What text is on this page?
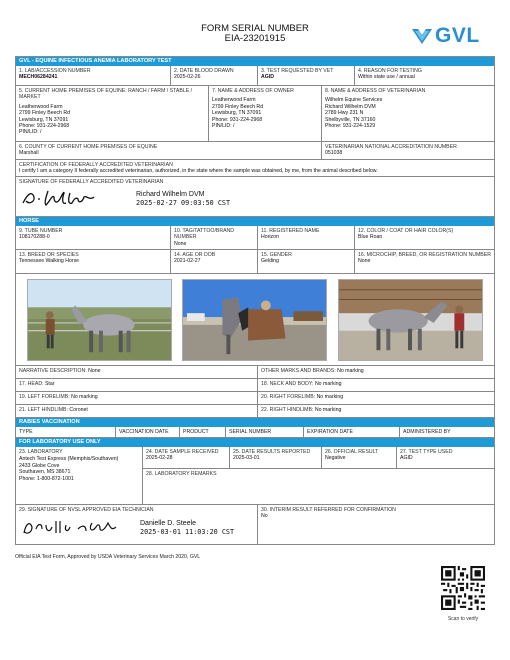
FORM SERIAL NUMBER
EIA-23201915	GVL
GVL - EQUINE INFECTIOUS ANEMIA LABORATORY TEST
1. LAB/ACCESSION NUMBER
MECH06284241
2. DATE BLOOD DRAWN
2025-02-26
3. TEST REQUESTED BY VET
AGID
4. REASON FOR TESTING
Within state use / annual
5. CURRENT HOME PREMISES OF EQUINE: RANCH / FARM / STABLE / MARKET
Leatherwood Farm
2799 Finley Beech Rd
Lewisburg, TN 37091
Phone: 931-224-2968
PIN/LID: /
7. NAME & ADDRESS OF OWNER
Leatherwood Farm
2799 Finley Beech Rd
Lewisburg, TN 37091
Phone: 931-224-2968
PIN/LID: /
8. NAME & ADDRESS OF VETERINARIAN
Wilhelm Equine Services
Richard Wilhelm DVM
2789 Hwy 231 N
Shelbyville, TN 37160
Phone: 931-224-1529
6. COUNTY OF CURRENT HOME PREMISES OF EQUINE
Marshall
VETERINARIAN NATIONAL ACCREDITATION NUMBER
051038
CERTIFICATION OF FEDERALLY ACCREDITED VETERINARIAN
I certify I am a category II federally accredited veterinarian, authorized, in the state where the sample was obtained, by me, from the animal described below.
SIGNATURE OF FEDERALLY ACCREDITED VETERINARIAN
Richard Wilhelm DVM
2025-02-27 09:03:50 CST
HORSE
9. TUBE NUMBER
108170288-0
10. TAG/TATTOO/BRAND NUMBER
None
11. REGISTERED NAME
Horizon
12. COLOR / COAT OR HAIR COLOR(S)
Blue Roan
13. BREED OR SPECIES
Tennessee Walking Horse
14. AGE OR DOB
2021-02-27
15. GENDER
Gelding
16. MICROCHIP, BREED, OR REGISTRATION NUMBER
None
NARRATIVE DESCRIPTION: None	OTHER MARKS AND BRANDS: No marking
17. HEAD: Star	18. NECK AND BODY: No marking
19. LEFT FORELIMB: No marking	20. RIGHT FORELIMB: No marking
21. LEFT HINDLIMB: Coronet	22. RIGHT HINDLIMB: No marking
RABIES VACCINATION
TYPE	VACCINATION DATE	PRODUCT	SERIAL NUMBER	EXPIRATION DATE	ADMINISTERED BY
FOR LABORATORY USE ONLY
23. LABORATORY
Antech Test Express (Memphis/Southaven)
2433 Globe Cove
Southaven, MS 38671
Phone: 1-800-872-1001
24. DATE SAMPLE RECEIVED
2025-02-28
25. DATE RESULTS REPORTED
2025-03-01
26. OFFICIAL RESULT
Negative
27. TEST TYPE USED
AGID
28. LABORATORY REMARKS
29. SIGNATURE OF NVSL APPROVED EIA TECHNICIAN
Danielle D. Steele
2025-03-01 11:03:20 CST
30. INTERIM RESULT REFERRED FOR CONFIRMATION
No
Official EIA Test Form, Approved by USDA Veterinary Services March 2020, GVL
Scan to verify
